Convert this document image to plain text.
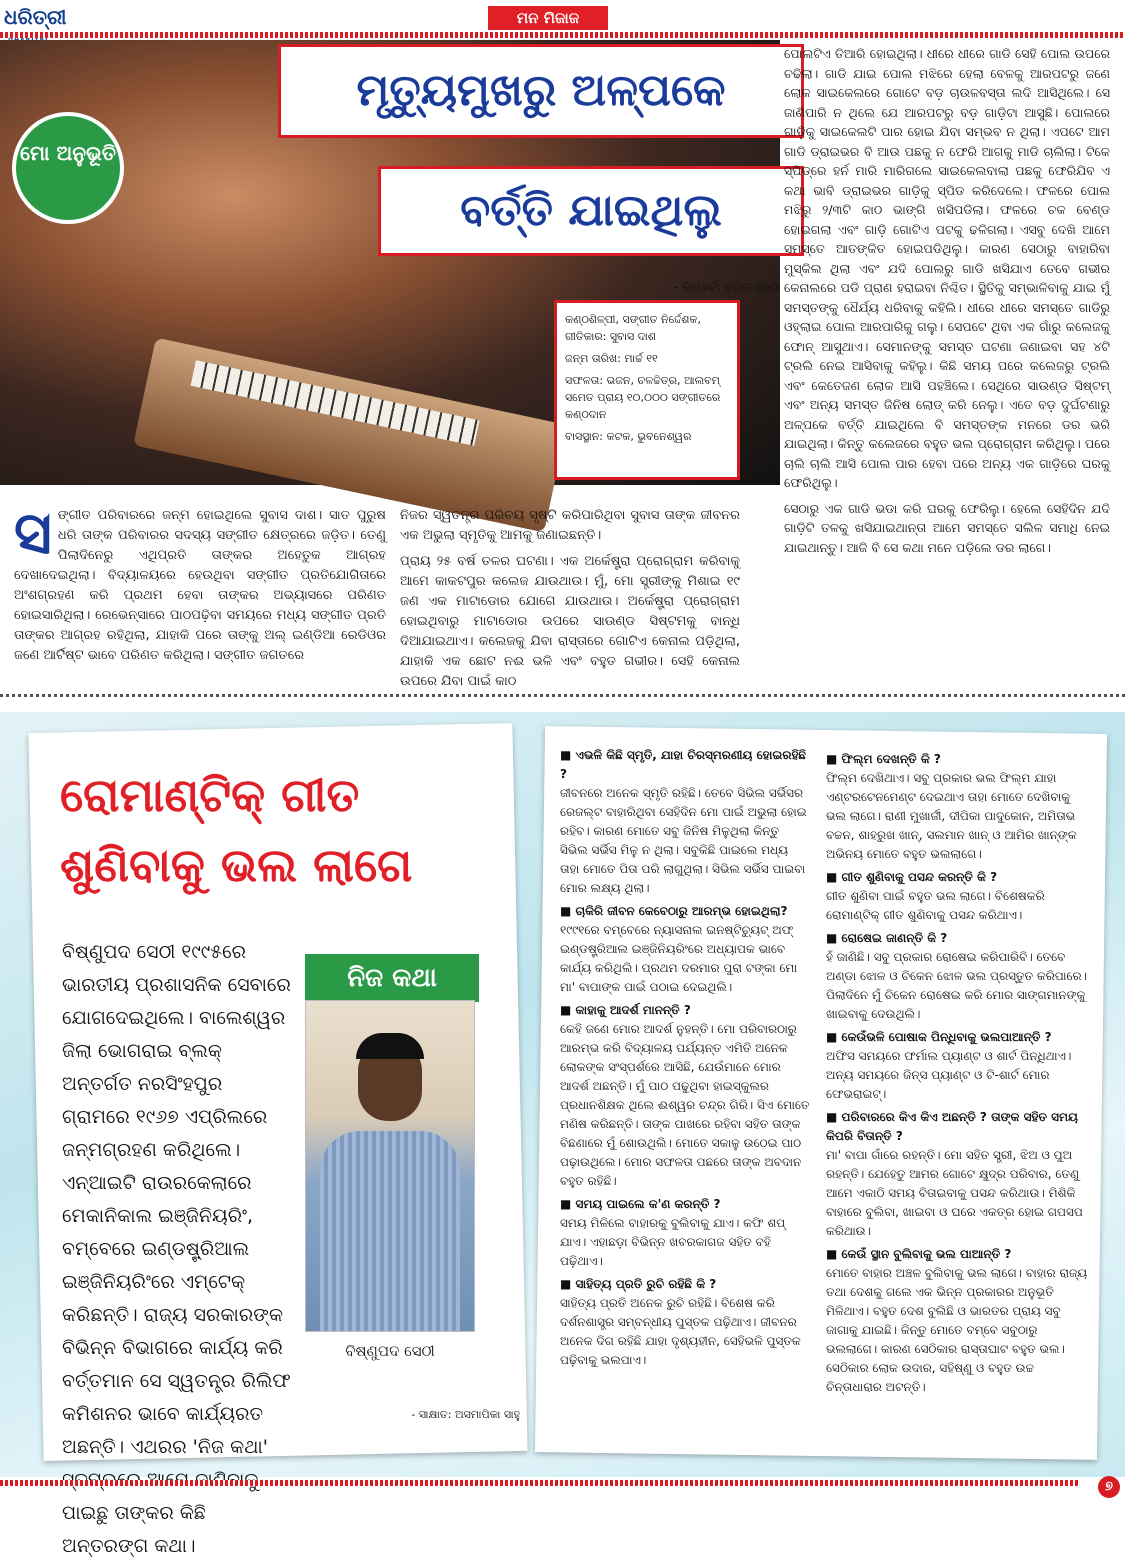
ଧରିତ୍ରୀ	ମନ ମିଜାଜ
ମୋ ଅନୁଭୂତି
ମୃତ୍ୟୁମୁଖରୁ ଅଳ୍ପକେ
ବର୍ତ୍ତି ଯାଇଥିଲୁ
- ରିପୋର୍ଟ: ବନ୍ଦନା ସେଠୀ

କଣ୍ଠଶିଳ୍ପୀ, ସଙ୍ଗୀତ ନିର୍ଦ୍ଦେଶକ, ଗୀତିକାର: ସୁବାସ ଦାଶ

ଜନ୍ମ ତାରିଖ: ମାର୍ଚ୍ଚ ୧୧

ସଫଳତା: ଭଜନ, ଚଳଚ୍ଚିତ୍ର, ଆଲବମ୍ ସମେତ ପ୍ରାୟ ୧୦,୦୦୦ ସଙ୍ଗୀତରେ କଣ୍ଠଦାନ

ବାସସ୍ଥାନ: କଟକ, ଭୁବନେଶ୍ୱର

ସ ଙ୍ଗୀତ ପରିବାରରେ ଜନ୍ମ ହୋଇଥିଲେ ସୁବାସ ଦାଶ। ସାତ ପୁରୁଷ ଧରି ତାଙ୍କ ପରିବାରର ସଦସ୍ୟ ସଙ୍ଗୀତ କ୍ଷେତ୍ରରେ ଜଡ଼ିତ। ତେଣୁ ପିଲାଦିନେରୁ ଏଥିପ୍ରତି ତାଙ୍କର ଅହେତୁକ ଆଗ୍ରହ ଦେଖାଦେଇଥିଲା। ବିଦ୍ୟାଳୟରେ ହେଉଥିବା ସଙ୍ଗୀତ ପ୍ରତିଯୋଗିତାରେ ଅଂଶଗ୍ରହଣ କରି ପ୍ରଥମ ହେବା ତାଙ୍କର ଅଭ୍ୟାସରେ ପରିଣତ ହୋଇସାରିଥିଲା। ରେଭେନ୍ସାରେ ପାଠପଢ଼ିବା ସମୟରେ ମଧ୍ୟ ସଙ୍ଗୀତ ପ୍ରତି ତାଙ୍କର ଆଗ୍ରହ ରହିଥିଲା, ଯାହାକି ପରେ ତାଙ୍କୁ ଅଲ୍ ଇଣ୍ଡିଆ ରେଡିଓର ଜଣେ ଆର୍ଟିଷ୍ଟ ଭାବେ ପରିଣତ କରିଥିଲା। ସଙ୍ଗୀତ ଜଗତରେ

ନିଜର ସ୍ୱତନ୍ତ୍ର ପରିଚୟ ସୃଷ୍ଟି କରିପାରିଥିବା ସୁବାସ ତାଙ୍କ ଜୀବନର ଏକ ଅଭୁଲା ସ୍ମୃତିକୁ ଆମକୁ ଜଣାଇଛନ୍ତି।

ପ୍ରାୟ ୨୫ ବର୍ଷ ତଳର ଘଟଣା। ଏକ ଅର୍କେଷ୍ଟ୍ରା ପ୍ରୋଗ୍ରାମ କରିବାକୁ ଆମେ କାକଟପୁର କଲେଜ ଯାଉଥାଉ। ମୁଁ, ମୋ ସ୍ତ୍ରୀଙ୍କୁ ମିଶାଇ ୧୯ ଜଣ ଏକ ମାଟାଡୋର ଯୋଗେ ଯାଉଥାଉ। ଅର୍କେଷ୍ଟ୍ରା ପ୍ରୋଗ୍ରାମ ହୋଇଥିବାରୁ ମାଟାଡୋର ଉପରେ ସାଉଣ୍ଡ ସିଷ୍ଟମକୁ ବାନ୍ଧି ଦିଆଯାଇଥାଏ। କଲେଜକୁ ଯିବା ରାସ୍ତାରେ ଗୋଟିଏ କେନାଲ ପଡ଼ିଥିଲା, ଯାହାକି ଏକ ଛୋଟ ନଈ ଭଳି ଏବଂ ବହୁତ ଗଭୀର। ସେହି କେନାଲ ଉପରେ ଯିବା ପାଇଁ କାଠ

ପୋଲଟିଏ ତିଆରି ହୋଇଥିଲା। ଧୀରେ ଧୀରେ ଗାଡି ସେହି ପୋଲ ଉପରେ ଚଢିଲା। ଗାଡି ଯାଇ ପୋଲ ମଝିରେ ହେଲା ବେଳକୁ ଆରପଟରୁ ଜଣେ ଲୋକ ସାଇକେଲରେ ଗୋଟେ ବଡ଼ ଚାଉଳବସ୍ତା ଲଦି ଆସିଥିଲେ। ସେ ଜାଣିପାରି ନ ଥିଲେ ଯେ ଆରପଟରୁ ବଡ଼ ଗାଡ଼ିଟା ଆସୁଛି। ପୋଲରେ ଗାଡ଼ିକୁ ସାଇକେଲଟି ପାର ହୋଇ ଯିବା ସମ୍ଭବ ନ ଥିଲା। ଏପଟେ ଆମ ଗାଡି ଡ୍ରାଇଭର ବି ଆଉ ପଛକୁ ନ ଫେରି ଆଗକୁ ମାଡି ଚାଲିଲା। ଟିକେ ସ୍ପିଡ୍‌ରେ ହର୍ନ ମାରି ମାରିଗଲେ ସାଇକେଲବାଲା ପଛକୁ ଫେରିଯିବ ଏ କଥା ଭାବି ଡ୍ରାଇଭର ଗାଡ଼ିକୁ ସ୍ପିଡ କରିଦେଲେ। ଫଳରେ ପୋଲ ମଝିରୁ ୨/୩ଟି କାଠ ଭାଙ୍ଗି ଖସିପଡିଲା। ଫଳରେ ଚକ ବେଣ୍ଡ ହୋଇଗଲା ଏବଂ ଗାଡ଼ି ଗୋଟିଏ ପଟକୁ ଢଳିଗଲା। ଏସବୁ ଦେଖି ଆମେ ସମସ୍ତେ ଆତଙ୍କିତ ହୋଇପଡିଥିଲୁ। କାରଣ ସେଠାରୁ ବାହାରିବା ମୁସ୍କିଲ ଥିଲା ଏବଂ ଯଦି ପୋଲରୁ ଗାଡି ଖସିଯାଏ ତେବେ ଗଭୀର କେନାଲରେ ପଡି ପ୍ରାଣ ହରାଇବା ନିଶ୍ଚିତ। ସ୍ଥିତିକୁ ସମ୍ଭାଳିବାକୁ ଯାଇ ମୁଁ ସମସ୍ତଙ୍କୁ ଧୈର୍ଯ୍ୟ ଧରିବାକୁ କହିଲି। ଧୀରେ ଧୀରେ ସମସ୍ତେ ଗାଡିରୁ ଓହ୍ଲାଇ ପୋଲ ଆରପାରିକୁ ଗଲୁ। ସେପଟେ ଥିବା ଏକ ଗାଁରୁ କଲେଜକୁ ଫୋନ୍ ଆସୁଥାଏ। ସେମାନଙ୍କୁ ସମସ୍ତ ଘଟଣା ଜଣାଇବା ସହ ୪ଟି ଟ୍ରଲି ନେଇ ଆସିବାକୁ କହିଲୁ। କିଛି ସମୟ ପରେ କଲେଜରୁ ଟ୍ରଲି ଏବଂ କେତେଜଣ ଲୋକ ଆସି ପହଞ୍ଚିଲେ। ସେଥିରେ ସାଉଣ୍ଡ ସିଷ୍ଟମ୍ ଏବଂ ଅନ୍ୟ ସମସ୍ତ ଜିନିଷ ଲୋଡ୍ କରି ନେଲୁ। ଏତେ ବଡ଼ ଦୁର୍ଘଟଣାରୁ ଅଳ୍ପକେ ବର୍ତ୍ତି ଯାଇଥିଲେ ବି ସମସ୍ତଙ୍କ ମନରେ ଡର ଭରି ଯାଇଥିଲା। କିନ୍ତୁ କଲେଜରେ ବହୁତ ଭଲ ପ୍ରୋଗ୍ରାମ କରିଥିଲୁ। ପରେ ଚାଲି ଚାଲି ଆସି ପୋଲ ପାର ହେବା ପରେ ଅନ୍ୟ ଏକ ଗାଡ଼ିରେ ଘରକୁ ଫେରିଥିଲୁ।

ସେଠାରୁ ଏକ ଗାଡି ଭଡା କରି ଘରକୁ ଫେରିଲୁ। ହେଲେ ସେହିଦିନ ଯଦି ଗାଡ଼ିଟି ତଳକୁ ଖସିଯାଇଥାନ୍ତା ଆମେ ସମସ୍ତେ ସଲିଳ ସମାଧି ନେଇ ଯାଇଥାନ୍ତୁ। ଆଜି ବି ସେ କଥା ମନେ ପଡ଼ିଲେ ଡର ଲାଗେ।

ରୋମାଣ୍ଟିକ୍ ଗୀତ
ଶୁଣିବାକୁ ଭଲ ଲାଗେ
ବିଷ୍ଣୁପଦ ସେଠୀ ୧୯୯୫ରେ ଭାରତୀୟ ପ୍ରଶାସନିକ ସେବାରେ ଯୋଗଦେଇଥିଲେ। ବାଲେଶ୍ୱର ଜିଲା ଭୋଗରାଇ ବ୍ଲକ୍ ଅନ୍ତର୍ଗତ ନରସିଂହପୁର ଗ୍ରାମରେ ୧୯୬୭ ଏପ୍ରିଲରେ ଜନ୍ମଗ୍ରହଣ କରିଥିଲେ। ଏନ୍ଆଇଟି ରାଉରକେଲାରେ ମେକାନିକାଲ ଇଞ୍ଜିନିୟରିଂ, ବମ୍ବେରେ ଇଣ୍ଡଷ୍ଟ୍ରିଆଲ ଇଞ୍ଜିନିୟରିଂରେ ଏମ୍‌ଟେକ୍ କରିଛନ୍ତି। ରାଜ୍ୟ ସରକାରଙ୍କ ବିଭିନ୍ନ ବିଭାଗରେ କାର୍ଯ୍ୟ କରି ବର୍ତ୍ତମାନ ସେ ସ୍ୱତନ୍ତ୍ର ରିଲିଫ କମିଶନର ଭାବେ କାର୍ଯ୍ୟରତ ଅଛନ୍ତି। ଏଥରର 'ନିଜ କଥା' ପାଇଛୁ ତାଙ୍କର କିଛି ଅନ୍ତରଙ୍ଗ କଥା।
ନିଜ କଥା
ବିଷ୍ଣୁପଦ ସେଠୀ
- ସାକ୍ଷାତ: ଅସମାପିକା ସାହୁ
■ ଏଭଳି କିଛି ସ୍ମୃତି, ଯାହା ଚିରସ୍ମରଣୀୟ ହୋଇରହିଛି ?
ଜୀବନରେ ଅନେକ ସ୍ମୃତି ରହିଛି। ତେବେ ସିଭିଲ ସର୍ଭିସର ରେଜଲ୍ଟ ବାହାରିଥିବା ସେହିଦିନ ମୋ ପାଇଁ ଅଭୁଲା ହୋଇ ରହିବ। କାରଣ ମୋତେ ସବୁ ଜିନିଷ ମିଳୁଥିଲା କିନ୍ତୁ ସିଭିଲ ସର୍ଭିସ ମିଳୁ ନ ଥିଲା। ସବୁକିଛି ପାଇଲେ ମଧ୍ୟ ତାହା ମୋତେ ପିତା ପରି ଲାଗୁଥିଲା। ସିଭିଲ ସର୍ଭିସ ପାଇବା ମୋର ଲକ୍ଷ୍ୟ ଥିଲା।
■ ଚାକିରି ଜୀବନ କେବେଠାରୁ ଆରମ୍ଭ ହୋଇଥିଲା?
୧୯୯୧ରେ ବମ୍ବେରେ ନ୍ୟାସନାଲ ଇନଷ୍ଟିଚ୍ୟୁଟ୍ ଅଫ୍ ଇଣ୍ଡଷ୍ଟ୍ରିଆଲ ଇଞ୍ଜିନିୟରିଂରେ ଅଧ୍ୟାପକ ଭାବେ କାର୍ଯ୍ୟ କରିଥିଲି। ପ୍ରଥମ ଦରମାର ପୁରା ଟଙ୍କା ମୋ ମା' ବାପାଙ୍କ ପାଇଁ ପଠାଇ ଦେଇଥିଲି।
■ କାହାକୁ ଆଦର୍ଶ ମାନନ୍ତି ?
କେହି ଜଣେ ମୋର ଆଦର୍ଶ ନୁହନ୍ତି। ମୋ ପରିବାରଠାରୁ ଆରମ୍ଭ କରି ବିଦ୍ୟାଳୟ ପର୍ଯ୍ୟନ୍ତ ଏମିତି ଅନେକ ଲୋକଙ୍କ ସଂସ୍ପର୍ଶରେ ଆସିଛି, ଯେଉଁମାନେ ମୋର ଆଦର୍ଶ ଅଛନ୍ତି। ମୁଁ ପାଠ ପଢୁଥିବା ହାଇସ୍କୁଲର ପ୍ରଧାନଶିକ୍ଷକ ଥିଲେ ଈଶ୍ୱର ଚନ୍ଦ୍ର ଗିରି। ସିଏ ମୋତେ ମଣିଷ କରିଛନ୍ତି। ତାଙ୍କ ପାଖରେ ରହିବା ସହିତ ତାଙ୍କ ବିଛଣାରେ ମୁଁ ଶୋଉଥିଲି। ମୋତେ ସକାଳୁ ଉଠେଇ ପାଠ ପଢ଼ାଉଥିଲେ। ମୋର ସଫଳତା ପଛରେ ତାଙ୍କ ଅବଦାନ ବହୁତ ରହିଛି।
■ ସମୟ ପାଇଲେ କ'ଣ କରନ୍ତି ?
ସମୟ ମିଳିଲେ ବାହାରକୁ ବୁଲିବାକୁ ଯାଏ। କଫି ଶପ୍ ଯାଏ। ଏହାଛଡ଼ା ବିଭିନ୍ନ ଖବରକାଗଜ ସହିତ ବହି ପଢ଼ିଥାଏ।
■ ସାହିତ୍ୟ ପ୍ରତି ରୁଚି ରହିଛି କି ?
ସାହିତ୍ୟ ପ୍ରତି ଅନେକ ରୁଚି ରହିଛି। ବିଶେଷ କରି ଦର୍ଶନଶାସ୍ତ୍ର ସମ୍ବନ୍ଧୀୟ ପୁସ୍ତକ ପଢ଼ିଥାଏ। ଜୀବନର ଅନେକ ଦିଗ ରହିଛି ଯାହା ଦୃଶ୍ୟହୀନ, ସେହିଭଳି ପୁସ୍ତକ ପଢ଼ିବାକୁ ଭଲପାଏ।
■ ଫିଲ୍ମ ଦେଖନ୍ତି କି ?
ଫିଲ୍ମ ଦେଖିଥାଏ। ସବୁ ପ୍ରକାର ଭଲ ଫିଲ୍ମ ଯାହା ଏଣ୍ଟରଟେନମେଣ୍ଟ ଦେଇଥାଏ ତାହା ମୋତେ ଦେଖିବାକୁ ଭଲ ଲାଗେ। ରାଣୀ ମୁଖାର୍ଜୀ, ଦୀପିକା ପାଦୁକୋନ, ଅମିତାଭ ବଚ୍ଚନ, ଶାହରୁଖ ଖାନ୍, ସଲମାନ ଖାନ୍ ଓ ଆମିର ଖାନ୍‌ଙ୍କ ଅଭିନୟ ମୋତେ ବହୁତ ଭଲଲାଗେ।
■ ଗୀତ ଶୁଣିବାକୁ ପସନ୍ଦ କରନ୍ତି କି ?
ଗୀତ ଶୁଣିବା ପାଇଁ ବହୁତ ଭଲ ଲାଗେ। ବିଶେଷକରି ରୋମାଣ୍ଟିକ୍ ଗୀତ ଶୁଣିବାକୁ ପସନ୍ଦ କରିଥାଏ।
■ ରୋଷେଇ ଜାଣନ୍ତି କି ?
ହଁ ଜାଣିଛି। ସବୁ ପ୍ରକାର ରୋଷେଇ କରିପାରିବି। ତେବେ ଅଣ୍ଡା ଝୋଳ ଓ ଚିକେନ ଝୋଳ ଭଲ ପ୍ରସ୍ତୁତ କରିପାରେ। ପିଲାଦିନେ ମୁଁ ଚିକେନ ରୋଷେଇ କରି ମୋର ସାଙ୍ଗମାନଙ୍କୁ ଖାଇବାକୁ ଦେଉଥିଲି।
■ କେଉଁଭଳି ପୋଷାକ ପିନ୍ଧିବାକୁ ଭଲପାଆନ୍ତି ?
ଅଫିସ ସମୟରେ ଫର୍ମାଲ ପ୍ୟାଣ୍ଟ ଓ ଶାର୍ଟ ପିନ୍ଧିଥାଏ। ଅନ୍ୟ ସମୟରେ ଜିନ୍ସ ପ୍ୟାଣ୍ଟ ଓ ଟି-ଶାର୍ଟ ମୋର ଫେଭରାଇଟ୍।
■ ପରିବାରରେ କିଏ କିଏ ଅଛନ୍ତି ? ତାଙ୍କ ସହିତ ସମୟ କିପରି ବିତାନ୍ତି ?
ମା' ବାପା ଗାଁରେ ରହନ୍ତି। ମୋ ସହିତ ସ୍ତ୍ରୀ, ଝିଅ ଓ ପୁଅ ରହନ୍ତି। ଯେହେତୁ ଆମର ଗୋଟେ କ୍ଷୁଦ୍ର ପରିବାର, ତେଣୁ ଆମେ ଏକାଠି ସମୟ ବିତାଇବାକୁ ପସନ୍ଦ କରିଥାଉ। ମିଶିକି ବାହାରେ ବୁଲିବା, ଖାଇବା ଓ ଘରେ ଏକତ୍ର ହୋଇ ଗପସପ କରିଥାଉ।
■ କେଉଁ ସ୍ଥାନ ବୁଲିବାକୁ ଭଲ ପାଆନ୍ତି ?
ମୋତେ ବାହାର ଅଞ୍ଚଳ ବୁଲିବାକୁ ଭଲ ଲାଗେ। ବାହାର ରାଜ୍ୟ ତଥା ଦେଶକୁ ଗଲେ ଏକ ଭିନ୍ନ ପ୍ରକାରର ଅନୁଭୂତି ମିଳିଥାଏ। ବହୁତ ଦେଶ ବୁଲିଛି ଓ ଭାରତର ପ୍ରାୟ ସବୁ ଜାଗାକୁ ଯାଇଛି। କିନ୍ତୁ ମୋତେ ବମ୍ବେ ସବୁଠାରୁ ଭଲଲାଗେ। କାରଣ ସେଠିକାର ରାସ୍ତାଘାଟ ବହୁତ ଭଲ। ସେଠିକାର ଲୋକ ଉଦାର, ସହିଷ୍ଣୁ ଓ ବହୁତ ଉଚ୍ଚ ଚିନ୍ତାଧାରାର ଅଟନ୍ତି।
୭
